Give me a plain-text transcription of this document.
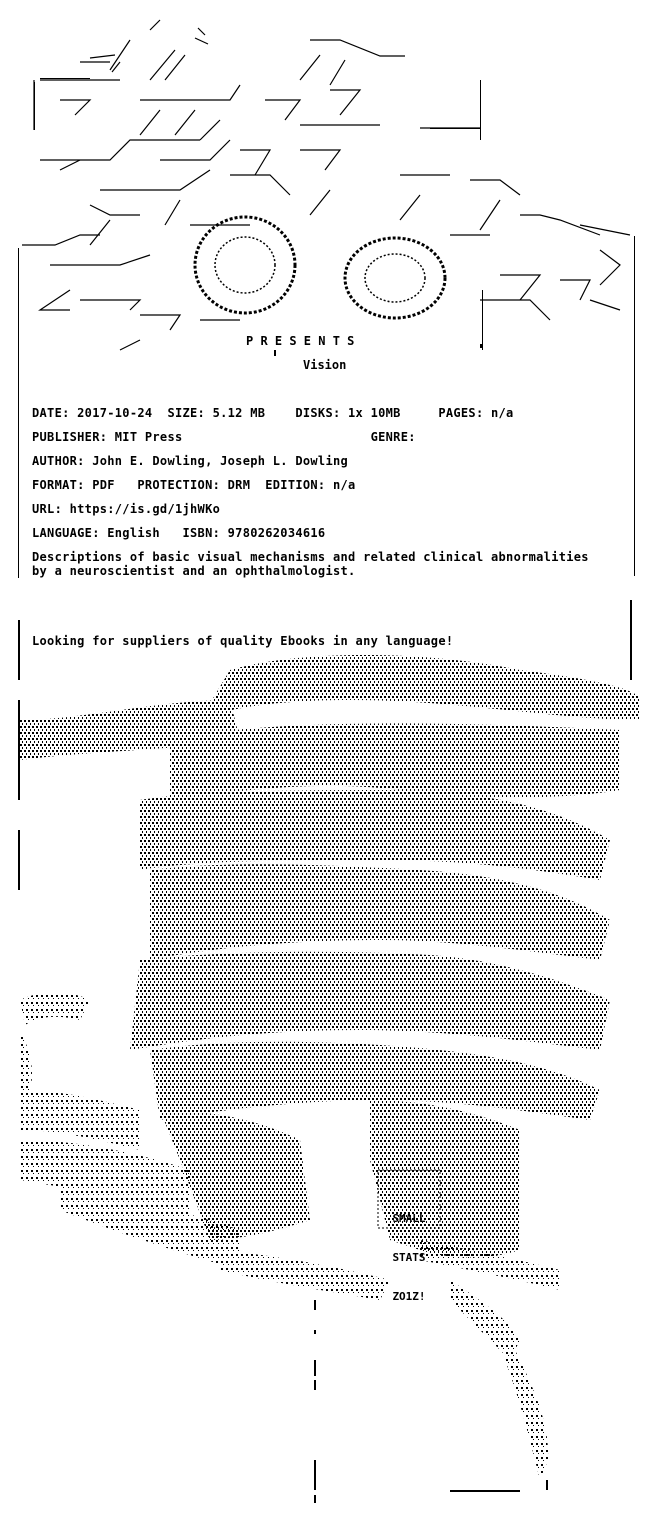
P R E S E N T S
Vision
DATE: 2017-10-24  SIZE: 5.12 MB    DISKS: 1x 10MB     PAGES: n/a
PUBLISHER: MIT Press                         GENRE:
AUTHOR: John E. Dowling, Joseph L. Dowling
FORMAT: PDF   PROTECTION: DRM  EDITION: n/a
URL: https://is.gd/1jhWKo
LANGUAGE: English   ISBN: 9780262034616
Descriptions of basic visual mechanisms and related clinical abnormalities
by a neuroscientist and an ophthalmologist.
Looking for suppliers of quality Ebooks in any language!

SMALL

STATS

ZO1Z!
